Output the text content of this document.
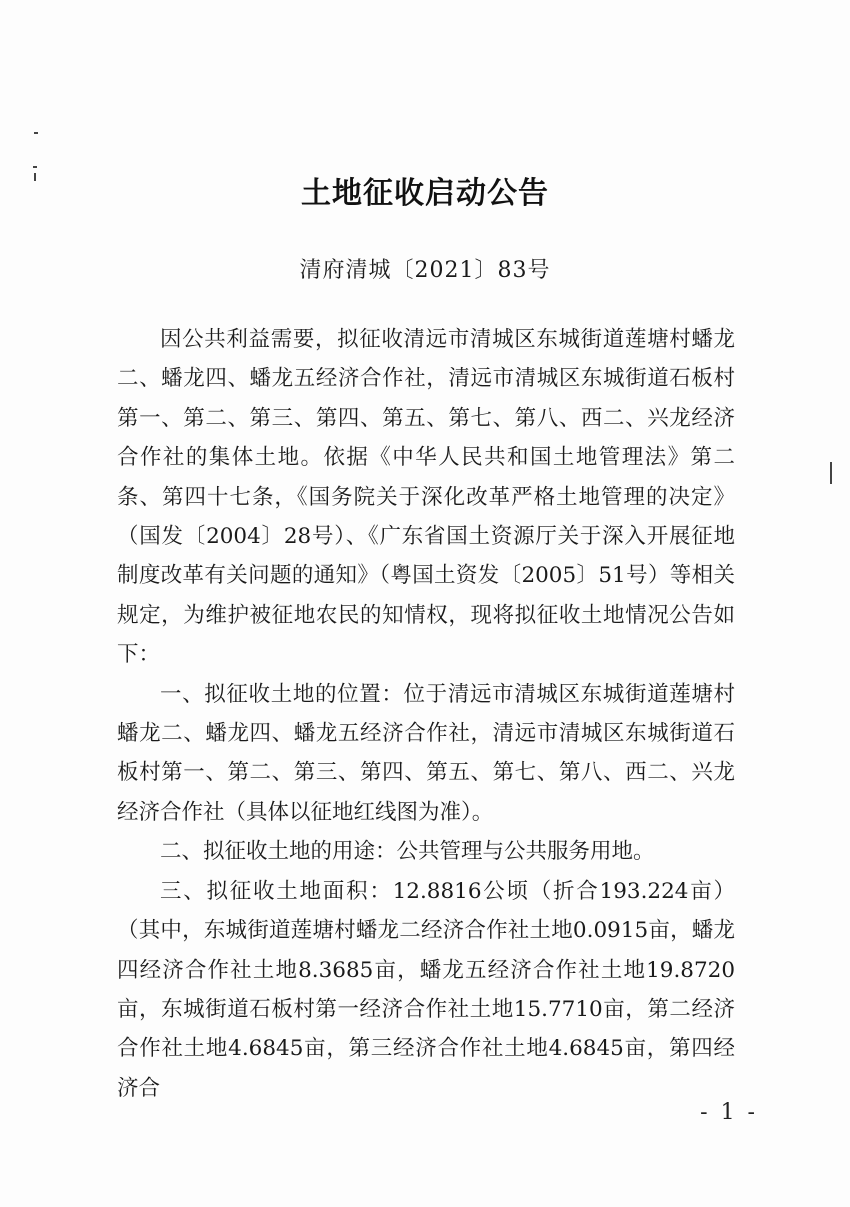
土地征收启动公告
清府清城〔2021〕83号

因公共利益需要，拟征收清远市清城区东城街道莲塘村蟠龙二、蟠龙四、蟠龙五经济合作社，清远市清城区东城街道石板村第一、第二、第三、第四、第五、第七、第八、西二、兴龙经济合作社的集体土地。依据《中华人民共和国土地管理法》第二条、第四十七条，《国务院关于深化改革严格土地管理的决定》（国发〔2004〕28号）、《广东省国土资源厅关于深入开展征地制度改革有关问题的通知》（粤国土资发〔2005〕51号）等相关规定，为维护被征地农民的知情权，现将拟征收土地情况公告如下：

一、拟征收土地的位置：位于清远市清城区东城街道莲塘村蟠龙二、蟠龙四、蟠龙五经济合作社，清远市清城区东城街道石板村第一、第二、第三、第四、第五、第七、第八、西二、兴龙经济合作社（具体以征地红线图为准）。

二、拟征收土地的用途：公共管理与公共服务用地。

三、拟征收土地面积：12.8816公顷（折合193.224亩）（其中，东城街道莲塘村蟠龙二经济合作社土地0.0915亩，蟠龙四经济合作社土地8.3685亩，蟠龙五经济合作社土地19.8720亩，东城街道石板村第一经济合作社土地15.7710亩，第二经济合作社土地4.6845亩，第三经济合作社土地4.6845亩，第四经济合

- 1 -
